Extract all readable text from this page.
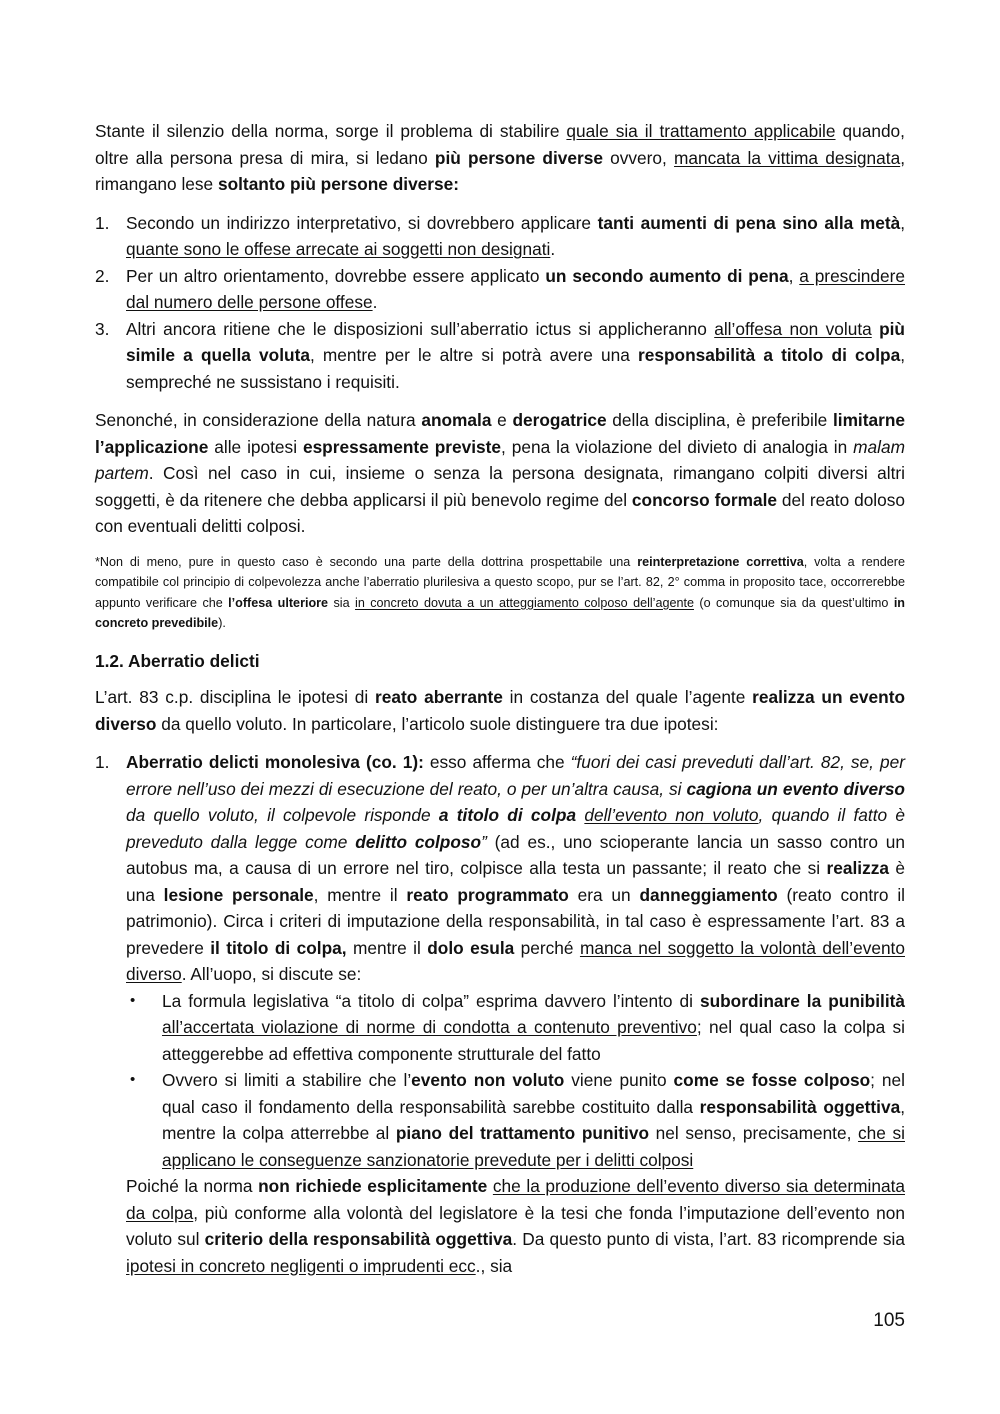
Stante il silenzio della norma, sorge il problema di stabilire quale sia il trattamento applicabile quando, oltre alla persona presa di mira, si ledano più persone diverse ovvero, mancata la vittima designata, rimangano lese soltanto più persone diverse:

1. Secondo un indirizzo interpretativo, si dovrebbero applicare tanti aumenti di pena sino alla metà, quante sono le offese arrecate ai soggetti non designati.
2. Per un altro orientamento, dovrebbe essere applicato un secondo aumento di pena, a prescindere dal numero delle persone offese.
3. Altri ancora ritiene che le disposizioni sull’aberratio ictus si applicheranno all’offesa non voluta più simile a quella voluta, mentre per le altre si potrà avere una responsabilità a titolo di colpa, sempreché ne sussistano i requisiti.

Senonché, in considerazione della natura anomala e derogatrice della disciplina, è preferibile limitarne l’applicazione alle ipotesi espressamente previste, pena la violazione del divieto di analogia in malam partem. Così nel caso in cui, insieme o senza la persona designata, rimangano colpiti diversi altri soggetti, è da ritenere che debba applicarsi il più benevolo regime del concorso formale del reato doloso con eventuali delitti colposi.

*Non di meno, pure in questo caso è secondo una parte della dottrina prospettabile una reinterpretazione correttiva, volta a rendere compatibile col principio di colpevolezza anche l’aberratio plurilesiva a questo scopo, pur se l’art. 82, 2° comma in proposito tace, occorrerebbe appunto verificare che l’offesa ulteriore sia in concreto dovuta a un atteggiamento colposo dell’agente (o comunque sia da quest’ultimo in concreto prevedibile).

1.2. Aberratio delicti

L’art. 83 c.p. disciplina le ipotesi di reato aberrante in costanza del quale l’agente realizza un evento diverso da quello voluto. In particolare, l’articolo suole distinguere tra due ipotesi:

1. Aberratio delicti monolesiva (co. 1): esso afferma che “fuori dei casi preveduti dall’art. 82, se, per errore nell’uso dei mezzi di esecuzione del reato, o per un’altra causa, si cagiona un evento diverso da quello voluto, il colpevole risponde a titolo di colpa dell’evento non voluto, quando il fatto è preveduto dalla legge come delitto colposo” (ad es., uno scioperante lancia un sasso contro un autobus ma, a causa di un errore nel tiro, colpisce alla testa un passante; il reato che si realizza è una lesione personale, mentre il reato programmato era un danneggiamento (reato contro il patrimonio). Circa i criteri di imputazione della responsabilità, in tal caso è espressamente l’art. 83 a prevedere il titolo di colpa, mentre il dolo esula perché manca nel soggetto la volontà dell’evento diverso. All’uopo, si discute se:
• La formula legislativa “a titolo di colpa” esprima davvero l’intento di subordinare la punibilità all’accertata violazione di norme di condotta a contenuto preventivo; nel qual caso la colpa si atteggerebbe ad effettiva componente strutturale del fatto
• Ovvero si limiti a stabilire che l’evento non voluto viene punito come se fosse colposo; nel qual caso il fondamento della responsabilità sarebbe costituito dalla responsabilità oggettiva, mentre la colpa atterrebbe al piano del trattamento punitivo nel senso, precisamente, che si applicano le conseguenze sanzionatorie prevedute per i delitti colposi

Poiché la norma non richiede esplicitamente che la produzione dell’evento diverso sia determinata da colpa, più conforme alla volontà del legislatore è la tesi che fonda l’imputazione dell’evento non voluto sul criterio della responsabilità oggettiva. Da questo punto di vista, l’art. 83 ricomprende sia ipotesi in concreto negligenti o imprudenti ecc., sia

105
